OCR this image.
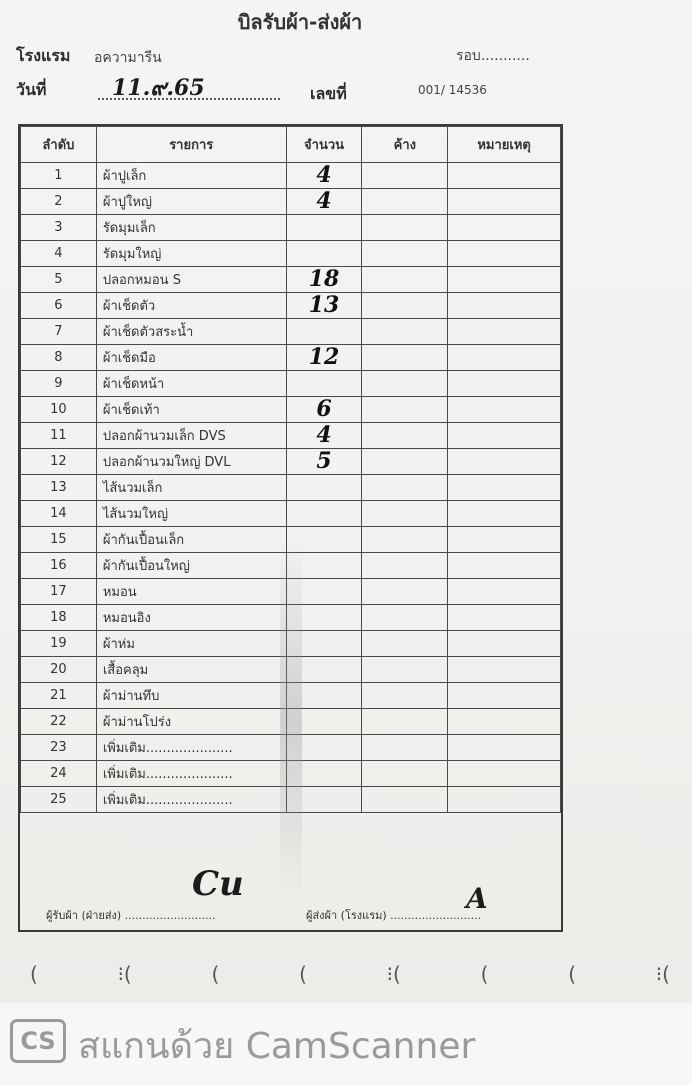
บิลรับผ้า-ส่งผ้า
โรงแรม อความารีน	รอบ...........
วันที่	11.๙.65	เลขที่	001/ 14536
ลำดับ	รายการ	จำนวน	ค้าง	หมายเหตุ
1	ผ้าปูเล็ก	4		
2	ผ้าปูใหญ่	4		
3	รัดมุมเล็ก			
4	รัดมุมใหญ่			
5	ปลอกหมอน S	18		
6	ผ้าเช็ดตัว	13		
7	ผ้าเช็ดตัวสระน้ำ			
8	ผ้าเช็ดมือ	12		
9	ผ้าเช็ดหน้า			
10	ผ้าเช็ดเท้า	6		
11	ปลอกผ้านวมเล็ก DVS	4		
12	ปลอกผ้านวมใหญ่ DVL	5		
13	ไส้นวมเล็ก			
14	ไส้นวมใหญ่			
15	ผ้ากันเปื้อนเล็ก			
16	ผ้ากันเปื้อนใหญ่			
17	หมอน			
18	หมอนอิง			
19	ผ้าห่ม			
20	เสื้อคลุม			
21	ผ้าม่านทึบ			
22	ผ้าม่านโปร่ง			
23	เพิ่มเติม.....................			
24	เพิ่มเติม.....................			
25	เพิ่มเติม.....................			
ผู้รับผ้า (ฝ่ายส่ง) ..........................
Cu
ผู้ส่งผ้า (โรงแรม) ..........................
A
(	⁝(	(	(	⁝(	(	(	⁝(
CS สแกนด้วย CamScanner
